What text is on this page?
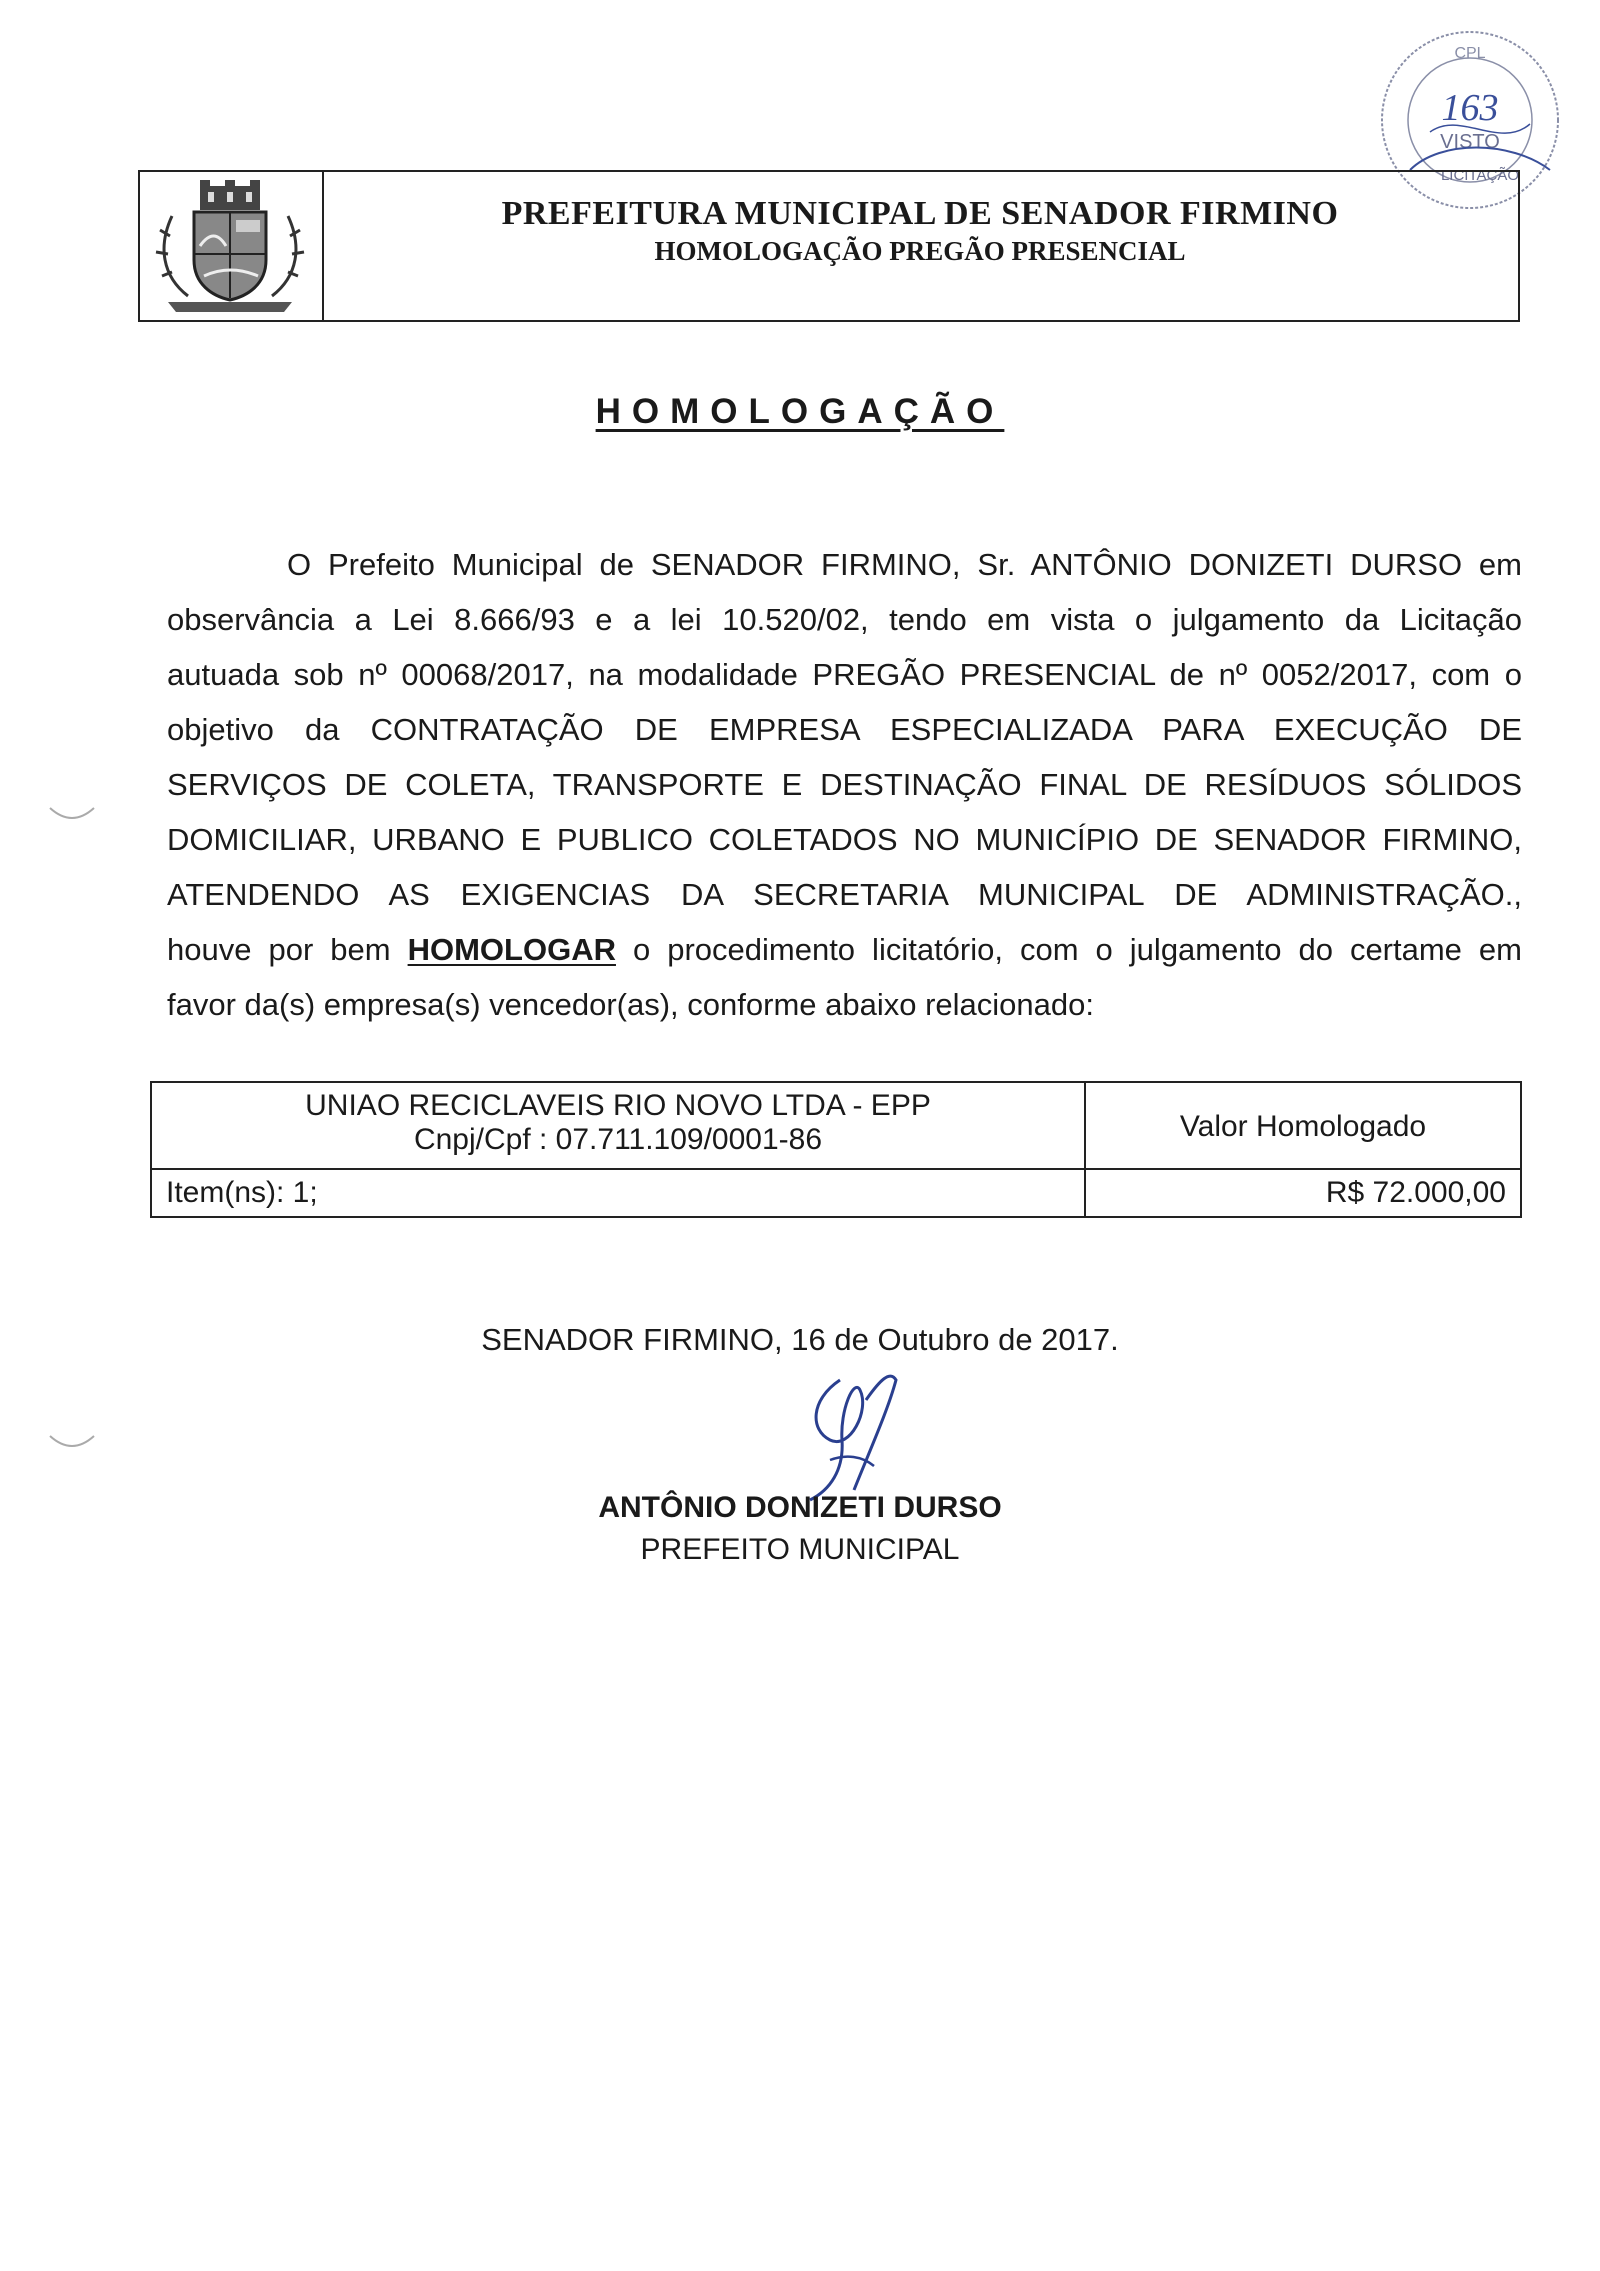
CPL
163
VISTO
LICITAÇÃO
PREFEITURA MUNICIPAL DE SENADOR FIRMINO
HOMOLOGAÇÃO PREGÃO PRESENCIAL
HOMOLOGAÇÃO
O Prefeito Municipal de SENADOR FIRMINO, Sr. ANTÔNIO DONIZETI DURSO em
observância a Lei 8.666/93 e a lei 10.520/02, tendo em vista o julgamento da Licitação
autuada sob nº 00068/2017, na modalidade PREGÃO PRESENCIAL de nº 0052/2017, com o
objetivo da CONTRATAÇÃO DE EMPRESA ESPECIALIZADA PARA EXECUÇÃO DE
SERVIÇOS DE COLETA, TRANSPORTE E DESTINAÇÃO FINAL DE RESÍDUOS SÓLIDOS
DOMICILIAR, URBANO E PUBLICO COLETADOS NO MUNICÍPIO DE SENADOR FIRMINO,
ATENDENDO AS EXIGENCIAS DA SECRETARIA MUNICIPAL DE ADMINISTRAÇÃO.,
houve por bem HOMOLOGAR o procedimento licitatório, com o julgamento do certame em
favor da(s) empresa(s) vencedor(as), conforme abaixo relacionado:
UNIAO RECICLAVEIS RIO NOVO LTDA - EPP
Cnpj/Cpf : 07.711.109/0001-86	Valor Homologado
Item(ns): 1;	R$ 72.000,00
SENADOR FIRMINO, 16 de Outubro de 2017.
ANTÔNIO DONIZETI DURSO
PREFEITO MUNICIPAL
